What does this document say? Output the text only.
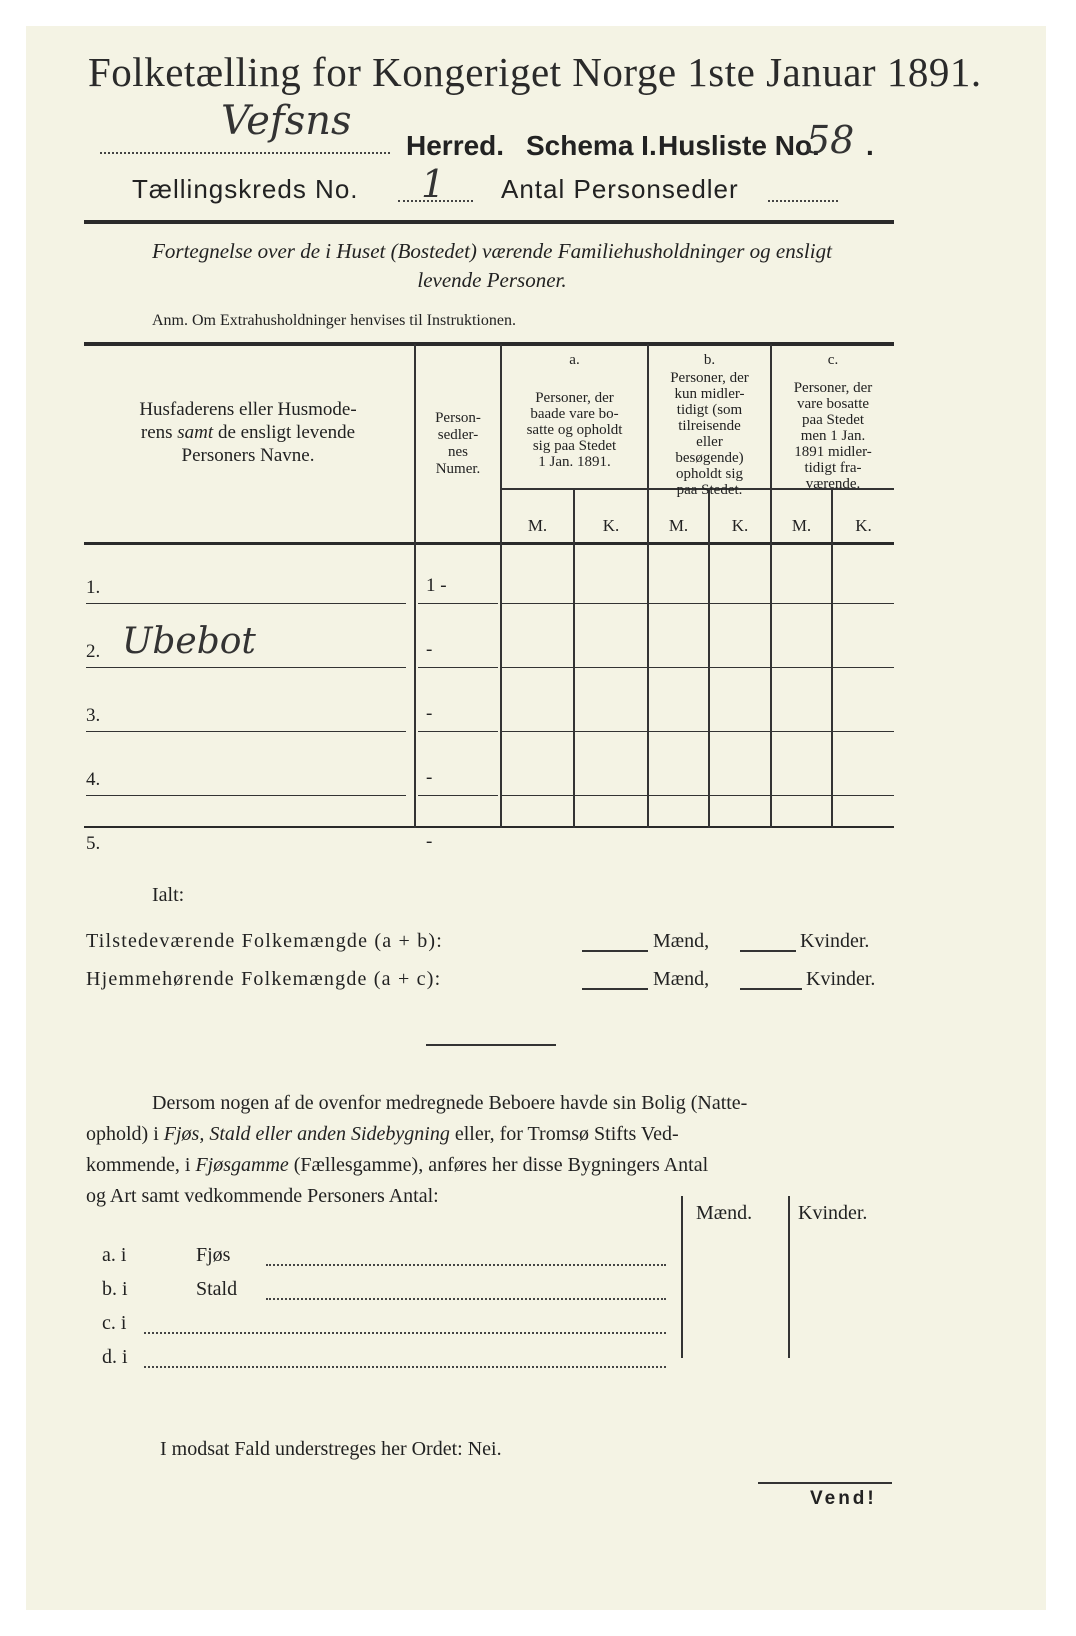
Folketælling for Kongeriget Norge 1ste Januar 1891.
Vefsns
Herred. Schema I. Husliste No.
58 .
Tællingskreds No. 1 Antal Personsedler
Fortegnelse over de i Huset (Bostedet) værende Familiehusholdninger og ensligt
levende Personer.
Anm. Om Extrahusholdninger henvises til Instruktionen.
Husfaderens eller Husmode-
rens samt de ensligt levende
Personers Navne.
Person-
sedler-
nes
Numer.
a.
Personer, der
baade vare bo-
satte og opholdt
sig paa Stedet
1 Jan. 1891.
b.
Personer, der
kun midler-
tidigt (som
tilreisende
eller
besøgende)
opholdt sig
paa Stedet.
c.
Personer, der
vare bosatte
paa Stedet
men 1 Jan.
1891 midler-
tidigt fra-
værende.
M.	K.	M.	K.	M.	K.
Ialt:
Tilstedeværende Folkemængde (a + b):	Mænd,	Kvinder.
Hjemmehørende Folkemængde (a + c):	Mænd,	Kvinder.
Dersom nogen af de ovenfor medregnede Beboere havde sin Bolig (Natte-
ophold) i Fjøs, Stald eller anden Sidebygning eller, for Tromsø Stifts Ved-
kommende, i Fjøsgamme (Fællesgamme), anføres her disse Bygningers Antal
og Art samt vedkommende Personers Antal:
Mænd. Kvinder.
I modsat Fald understreges her Ordet: Nei.
Vend!
1.	1 -
2. Ubebot	-
3.	-
4.	-
5.	-
a. i	Fjøs
b. i	Stald
c. i
d. i
